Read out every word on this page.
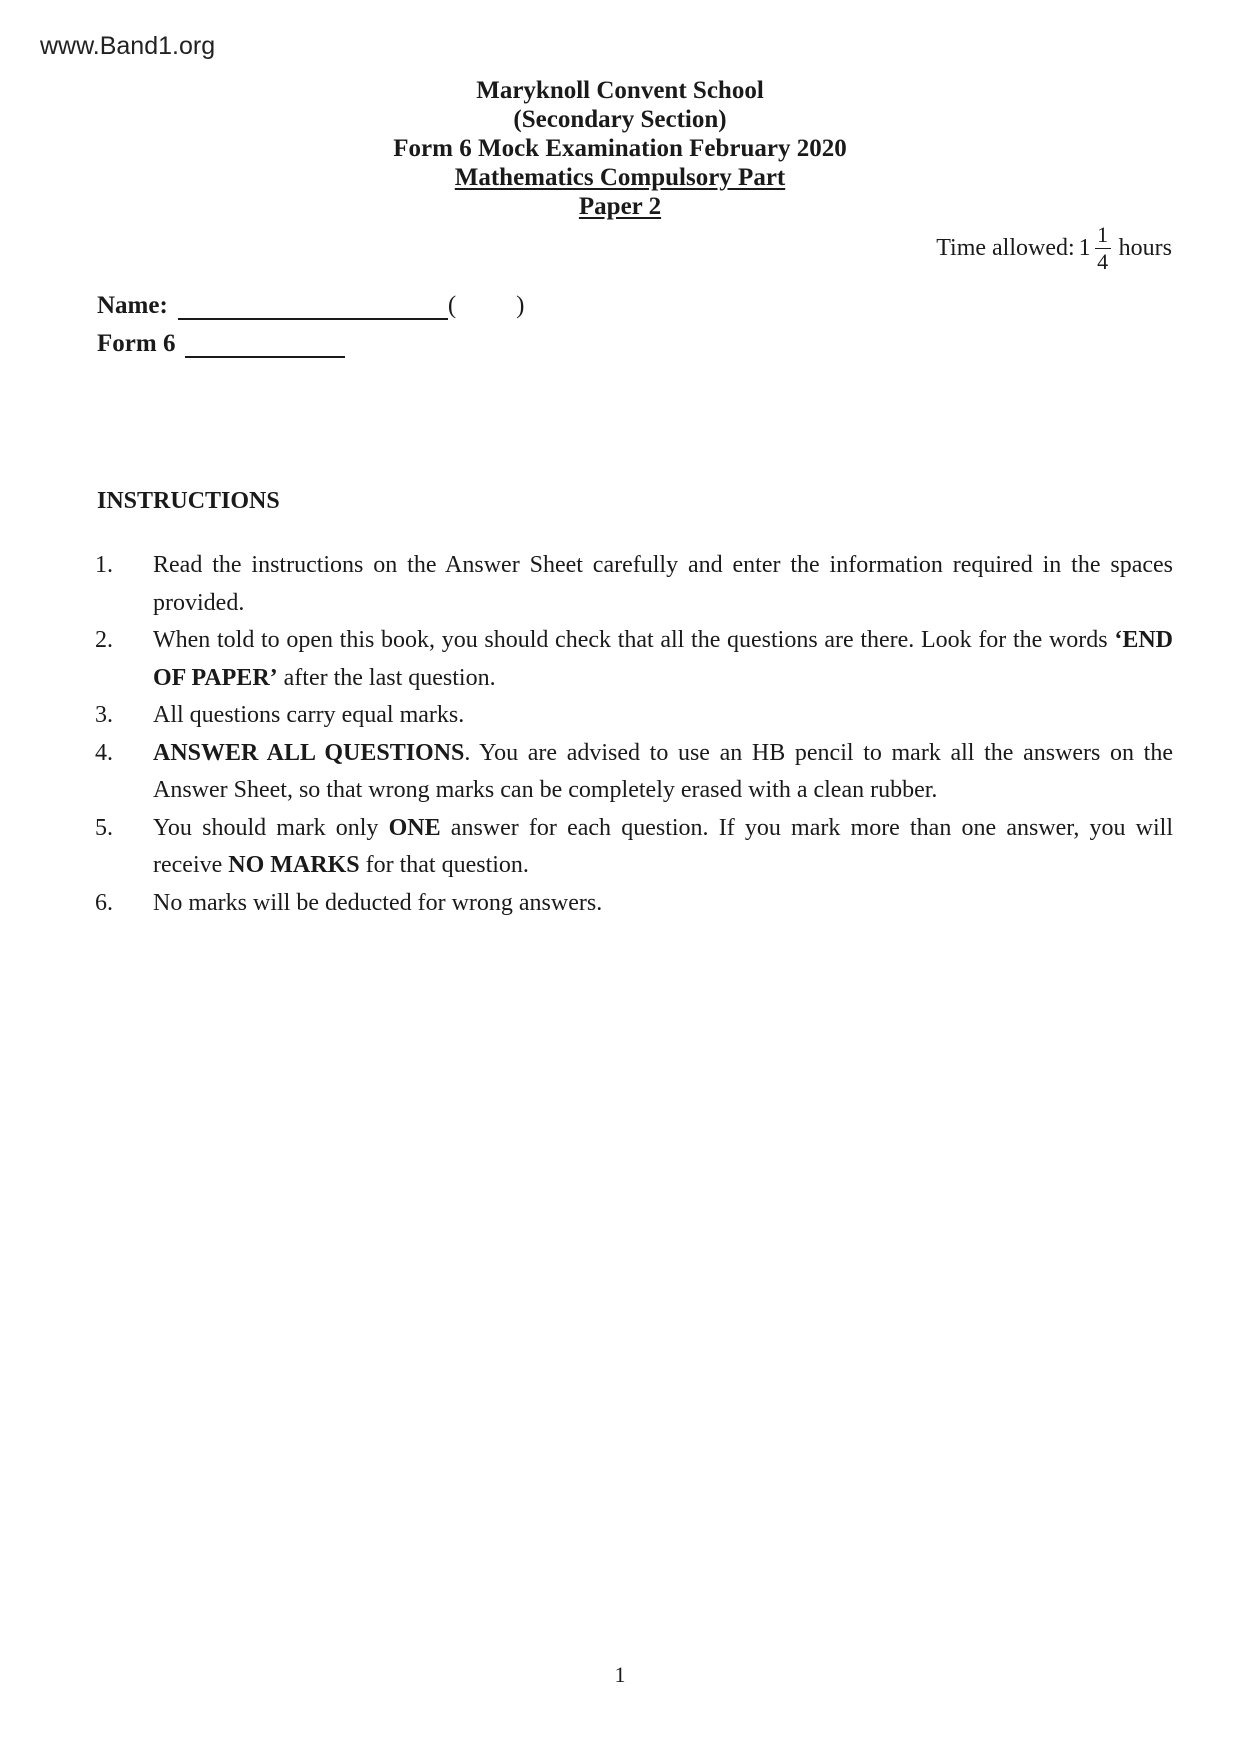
www.Band1.org
Maryknoll Convent School
(Secondary Section)
Form 6 Mock Examination February 2020
Mathematics Compulsory Part
Paper 2
Time allowed: $1 \frac{1}{4}$ hours
Name:	( )
Form 6
INSTRUCTIONS
1.	Read the instructions on the Answer Sheet carefully and enter the information required in the spaces provided.
2.	When told to open this book, you should check that all the questions are there. Look for the words ‘END OF PAPER’ after the last question.
3.	All questions carry equal marks.
4.	ANSWER ALL QUESTIONS. You are advised to use an HB pencil to mark all the answers on the Answer Sheet, so that wrong marks can be completely erased with a clean rubber.
5.	You should mark only ONE answer for each question. If you mark more than one answer, you will receive NO MARKS for that question.
6.	No marks will be deducted for wrong answers.
1
